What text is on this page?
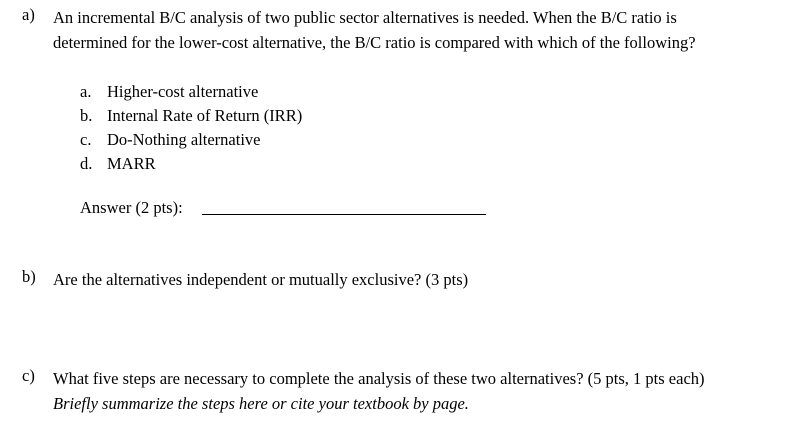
a) An incremental B/C analysis of two public sector alternatives is needed. When the B/C ratio is
determined for the lower-cost alternative, the B/C ratio is compared with which of the following?
a. Higher-cost alternative
b. Internal Rate of Return (IRR)
c. Do-Nothing alternative
d. MARR
Answer (2 pts):
b) Are the alternatives independent or mutually exclusive? (3 pts)
c) What five steps are necessary to complete the analysis of these two alternatives? (5 pts, 1 pts each)
Briefly summarize the steps here or cite your textbook by page.
